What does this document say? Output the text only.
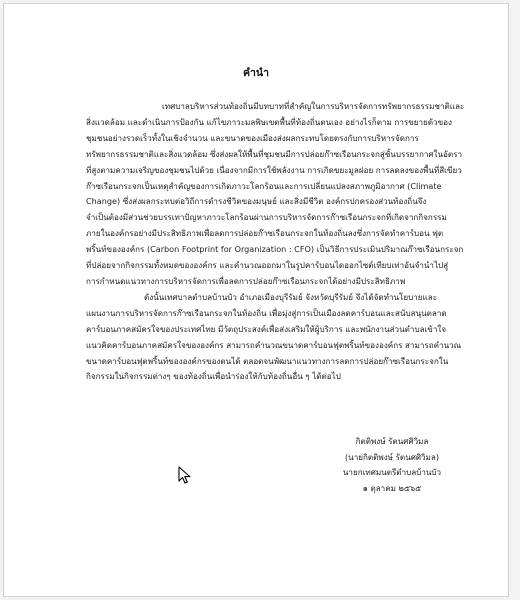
คำนำ
เทศบาลบริหารส่วนท้องถิ่นมีบทบาทที่สำคัญในการบริหารจัดการทรัพยากรธรรมชาติและ
สิ่งแวดล้อม และดำเนินการป้องกัน แก้ไขภาวะมลพิษเขตพื้นที่ท้องถิ่นตนเอง อย่างไรก็ตาม การขยายตัวของ
ชุมชนอย่างรวดเร็วทั้งในเชิงจำนวน และขนาดของเมืองส่งผลกระทบโดยตรงกับการบริหารจัดการ
ทรัพยากรธรรมชาติและสิ่งแวดล้อม ซึ่งส่งผลให้พื้นที่ชุมชนมีการปล่อยก๊าซเรือนกระจกสู่ชั้นบรรยากาศในอัตรา
ที่สูงตามความเจริญของชุมชนไปด้วย เนื่องจากมีการใช้พลังงาน การเกิดขยะมูลฝอย การลดลงของพื้นที่สีเขียว
ก๊าซเรือนกระจกเป็นเหตุสำคัญของการเกิดภาวะโลกร้อนและการเปลี่ยนแปลงสภาพภูมิอากาศ (Climate
Change) ซึ่งส่งผลกระทบต่อวิถีการดำรงชีวิตของมนุษย์ และสิ่งมีชีวิต องค์กรปกครองส่วนท้องถิ่นจึง
จำเป็นต้องมีส่วนช่วยบรรเทาปัญหาภาวะโลกร้อนผ่านการบริหารจัดการก๊าซเรือนกระจกที่เกิดจากกิจกรรม
ภายในองค์กรอย่างมีประสิทธิภาพเพื่อลดการปล่อยก๊าซเรือนกระจกในท้องถิ่นลงซึ่งการจัดทำคาร์บอน ฟุต
พริ้นท์ขององค์กร (Carbon Footprint for Organization : CFO) เป็นวิธีการประเมินปริมาณก๊าซเรือนกระจก
ที่ปล่อยจากกิจกรรมทั้งหมดขององค์กร และคำนวณออกมาในรูปคาร์บอนไดออกไซด์เทียบเท่าอันจำนำไปสู่
การกำหนดแนวทางการบริหารจัดการเพื่อลดการปล่อยก๊าซเรือนกระจกได้อย่างมีประสิทธิภาพ
ดังนั้นเทศบาลตำบลบ้านบัว อำเภอเมืองบุรีรัมย์ จังหวัดบุรีรัมย์ จึงได้จัดทำนโยบายและ
แผนงานการบริหารจัดการก๊าซเรือนกระจกในท้องถิ่น เพื่อมุ่งสู่การเป็นเมืองลดคาร์บอนและสนับสนุนตลาด
คาร์บอนภาคสมัครใจของประเทศไทย มีวัตถุประสงค์เพื่อส่งเสริมให้ผู้บริการ และพนักงานส่วนตำบลเข้าใจ
แนวคิดคาร์บอนภาคสมัครใจขององค์กร สามารถคำนวณขนาดคาร์บอนฟุตพริ้นท์ขององค์กร สามารถคำนวณ
ขนาดคาร์บอนฟุตพริ้นท์ขององค์กรของตนได้ ตลอดจนพัฒนาแนวทางการลดการปล่อยก๊าซเรือนกระจกใน
กิจกรรมในกิจกรรมต่างๆ ของท้องถิ่นเพื่อนำร่องให้กับท้องถิ่นอื่น ๆ ได้ต่อไป
กิตติพงษ์ รัตนศศิวิมล
(นายกิตติพงษ์ รัตนศศิวิมล)
นายกเทศมนตรีตำบลบ้านบัว
๑ ตุลาคม ๒๕๖๕
